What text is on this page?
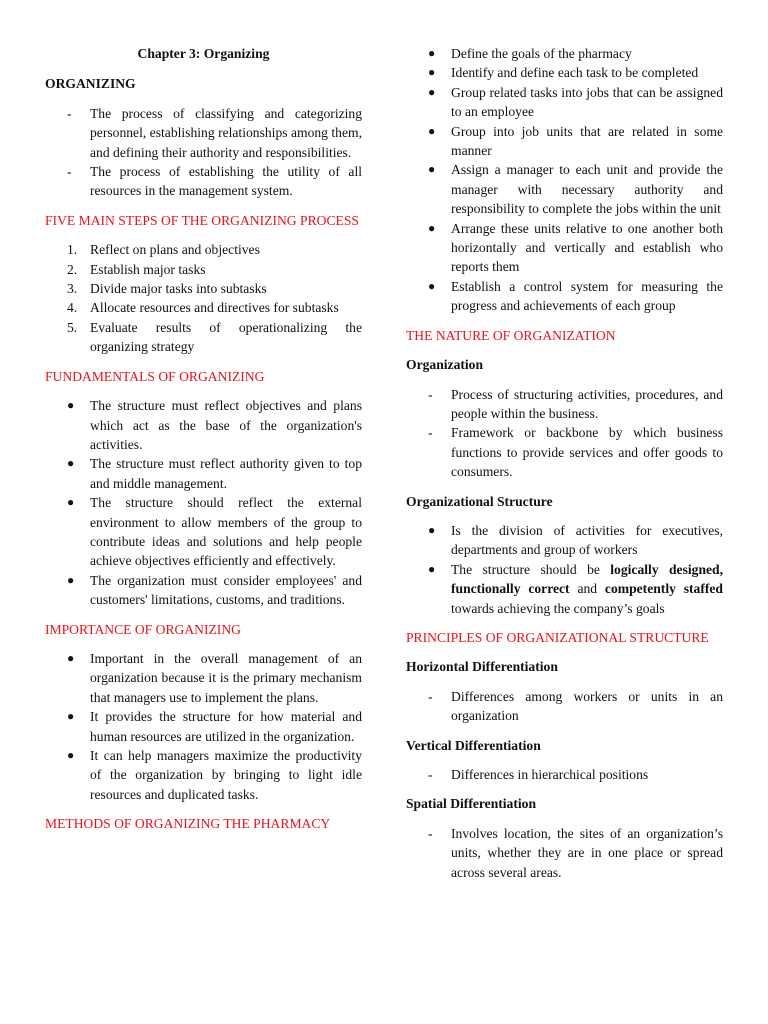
Chapter 3: Organizing
ORGANIZING
- The process of classifying and categorizing personnel, establishing relationships among them, and defining their authority and responsibilities.
- The process of establishing the utility of all resources in the management system.
FIVE MAIN STEPS OF THE ORGANIZING PROCESS
1. Reflect on plans and objectives
2. Establish major tasks
3. Divide major tasks into subtasks
4. Allocate resources and directives for subtasks
5. Evaluate results of operationalizing the organizing strategy
FUNDAMENTALS OF ORGANIZING
● The structure must reflect objectives and plans which act as the base of the organization's activities.
● The structure must reflect authority given to top and middle management.
● The structure should reflect the external environment to allow members of the group to contribute ideas and solutions and help people achieve objectives efficiently and effectively.
● The organization must consider employees' and customers' limitations, customs, and traditions.
IMPORTANCE OF ORGANIZING
● Important in the overall management of an organization because it is the primary mechanism that managers use to implement the plans.
● It provides the structure for how material and human resources are utilized in the organization.
● It can help managers maximize the productivity of the organization by bringing to light idle resources and duplicated tasks.
METHODS OF ORGANIZING THE PHARMACY
● Define the goals of the pharmacy
● Identify and define each task to be completed
● Group related tasks into jobs that can be assigned to an employee
● Group into job units that are related in some manner
● Assign a manager to each unit and provide the manager with necessary authority and responsibility to complete the jobs within the unit
● Arrange these units relative to one another both horizontally and vertically and establish who reports them
● Establish a control system for measuring the progress and achievements of each group
THE NATURE OF ORGANIZATION
Organization
- Process of structuring activities, procedures, and people within the business.
- Framework or backbone by which business functions to provide services and offer goods to consumers.
Organizational Structure
● Is the division of activities for executives, departments and group of workers
● The structure should be logically designed, functionally correct and competently staffed towards achieving the company’s goals
PRINCIPLES OF ORGANIZATIONAL STRUCTURE
Horizontal Differentiation
- Differences among workers or units in an organization
Vertical Differentiation
- Differences in hierarchical positions
Spatial Differentiation
- Involves location, the sites of an organization’s units, whether they are in one place or spread across several areas.
